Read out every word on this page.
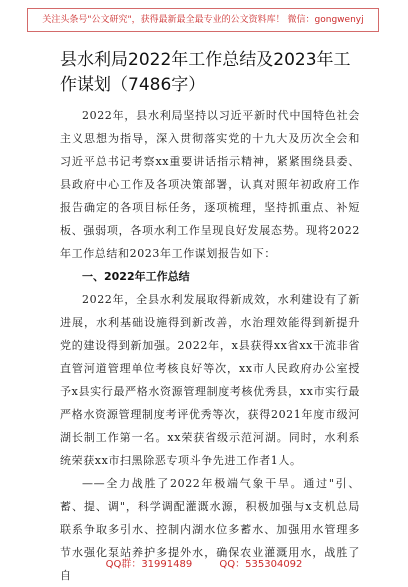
关注头条号"公文研究"，获得最新最全最专业的公文资料库！ 微信：gongwenyj
县水利局2022年工作总结及2023年工作谋划（7486字）

2022年，县水利局坚持以习近平新时代中国特色社会主义思想为指导，深入贯彻落实党的十九大及历次全会和习近平总书记考察xx重要讲话指示精神，紧紧围绕县委、县政府中心工作及各项决策部署，认真对照年初政府工作报告确定的各项目标任务，逐项梳理，坚持抓重点、补短板、强弱项，各项水利工作呈现良好发展态势。现将2022年工作总结和2023年工作谋划报告如下：

一、2022年工作总结

2022年，全县水利发展取得新成效，水利建设有了新进展，水利基础设施得到新改善，水治理效能得到新提升党的建设得到新加强。2022年，x县获得xx省xx干流非省直管河道管理单位考核良好等次，xx市人民政府办公室授予x县实行最严格水资源管理制度考核优秀县，xx市实行最严格水资源管理制度考评优秀等次，获得2021年度市级河湖长制工作第一名。xx荣获省级示范河湖。同时，水利系统荣获xx市扫黑除恶专项斗争先进工作者1人。

——全力战胜了2022年极端气象干旱。通过"引、蓄、提、调"，科学调配灌溉水源，积极加强与x支机总局联系争取多引水、控制内湖水位多蓄水、加强用水管理多节水强化泵站养护多提外水，确保农业灌溉用水，战胜了自

QQ群：31991489	QQ：535304092
